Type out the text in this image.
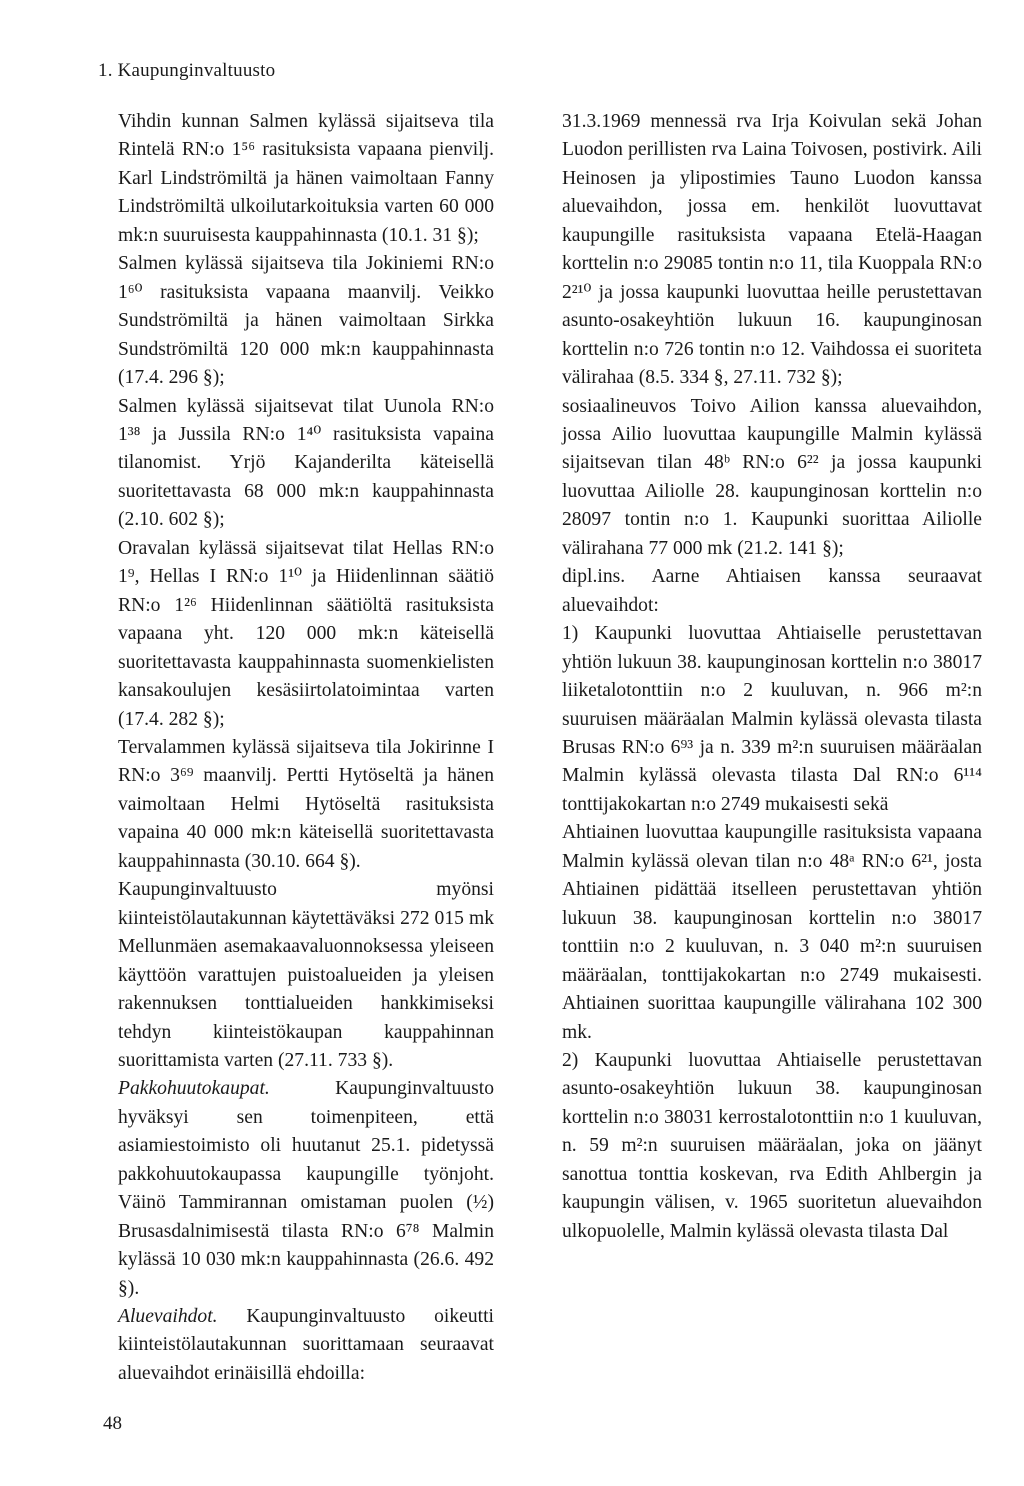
1. Kaupunginvaltuusto

Vihdin kunnan Salmen kylässä sijaitseva tila Rintelä RN:o 1⁵⁶ rasituksista vapaana pienvilj. Karl Lindströmiltä ja hänen vaimoltaan Fanny Lindströmiltä ulkoilutarkoituksia varten 60 000 mk:n suuruisesta kauppahinnasta (10.1. 31 §);

Salmen kylässä sijaitseva tila Jokiniemi RN:o 1⁶⁰ rasituksista vapaana maanvilj. Veikko Sundströmiltä ja hänen vaimoltaan Sirkka Sundströmiltä 120 000 mk:n kauppahinnasta (17.4. 296 §);

Salmen kylässä sijaitsevat tilat Uunola RN:o 1³⁸ ja Jussila RN:o 1⁴⁰ rasituksista vapaina tilanomist. Yrjö Kajanderilta käteisellä suoritettavasta 68 000 mk:n kauppahinnasta (2.10. 602 §);

Oravalan kylässä sijaitsevat tilat Hellas RN:o 1⁹, Hellas I RN:o 1¹⁰ ja Hiidenlinnan säätiö RN:o 1²⁶ Hiidenlinnan säätiöltä rasituksista vapaana yht. 120 000 mk:n käteisellä suoritettavasta kauppahinnasta suomenkielisten kansakoulujen kesäsiirtolatoimintaa varten (17.4. 282 §);

Tervalammen kylässä sijaitseva tila Jokirinne I RN:o 3⁶⁹ maanvilj. Pertti Hytöseltä ja hänen vaimoltaan Helmi Hytöseltä rasituksista vapaina 40 000 mk:n käteisellä suoritettavasta kauppahinnasta (30.10. 664 §).

Kaupunginvaltuusto myönsi kiinteistölautakunnan käytettäväksi 272 015 mk Mellunmäen asemakaavaluonnoksessa yleiseen käyttöön varattujen puistoalueiden ja yleisen rakennuksen tonttialueiden hankkimiseksi tehdyn kiinteistökaupan kauppahinnan suorittamista varten (27.11. 733 §).

Pakkohuutokaupat. Kaupunginvaltuusto hyväksyi sen toimenpiteen, että asiamiestoimisto oli huutanut 25.1. pidetyssä pakkohuutokaupassa kaupungille työnjoht. Väinö Tammirannan omistaman puolen (½) Brusasdalnimisestä tilasta RN:o 6⁷⁸ Malmin kylässä 10 030 mk:n kauppahinnasta (26.6. 492 §).

Aluevaihdot. Kaupunginvaltuusto oikeutti kiinteistölautakunnan suorittamaan seuraavat aluevaihdot erinäisillä ehdoilla:

31.3.1969 mennessä rva Irja Koivulan sekä Johan Luodon perillisten rva Laina Toivosen, postivirk. Aili Heinosen ja ylipostimies Tauno Luodon kanssa aluevaihdon, jossa em. henkilöt luovuttavat kaupungille rasituksista vapaana Etelä-Haagan korttelin n:o 29085 tontin n:o 11, tila Kuoppala RN:o 2²¹⁰ ja jossa kaupunki luovuttaa heille perustettavan asunto-osakeyhtiön lukuun 16. kaupunginosan korttelin n:o 726 tontin n:o 12. Vaihdossa ei suoriteta välirahaa (8.5. 334 §, 27.11. 732 §);

sosiaalineuvos Toivo Ailion kanssa aluevaihdon, jossa Ailio luovuttaa kaupungille Malmin kylässä sijaitsevan tilan 48ᵇ RN:o 6²² ja jossa kaupunki luovuttaa Ailiolle 28. kaupunginosan korttelin n:o 28097 tontin n:o 1. Kaupunki suorittaa Ailiolle välirahana 77 000 mk (21.2. 141 §);

dipl.ins. Aarne Ahtiaisen kanssa seuraavat aluevaihdot:

1) Kaupunki luovuttaa Ahtiaiselle perustettavan yhtiön lukuun 38. kaupunginosan korttelin n:o 38017 liiketalotonttiin n:o 2 kuuluvan, n. 966 m²:n suuruisen määräalan Malmin kylässä olevasta tilasta Brusas RN:o 6⁹³ ja n. 339 m²:n suuruisen määräalan Malmin kylässä olevasta tilasta Dal RN:o 6¹¹⁴ tonttijakokartan n:o 2749 mukaisesti sekä

Ahtiainen luovuttaa kaupungille rasituksista vapaana Malmin kylässä olevan tilan n:o 48ᵃ RN:o 6²¹, josta Ahtiainen pidättää itselleen perustettavan yhtiön lukuun 38. kaupunginosan korttelin n:o 38017 tonttiin n:o 2 kuuluvan, n. 3 040 m²:n suuruisen määräalan, tonttijakokartan n:o 2749 mukaisesti. Ahtiainen suorittaa kaupungille välirahana 102 300 mk.

2) Kaupunki luovuttaa Ahtiaiselle perustettavan asunto-osakeyhtiön lukuun 38. kaupunginosan korttelin n:o 38031 kerrostalotonttiin n:o 1 kuuluvan, n. 59 m²:n suuruisen määräalan, joka on jäänyt sanottua tonttia koskevan, rva Edith Ahlbergin ja kaupungin välisen, v. 1965 suoritetun aluevaihdon ulkopuolelle, Malmin kylässä olevasta tilasta Dal

48
